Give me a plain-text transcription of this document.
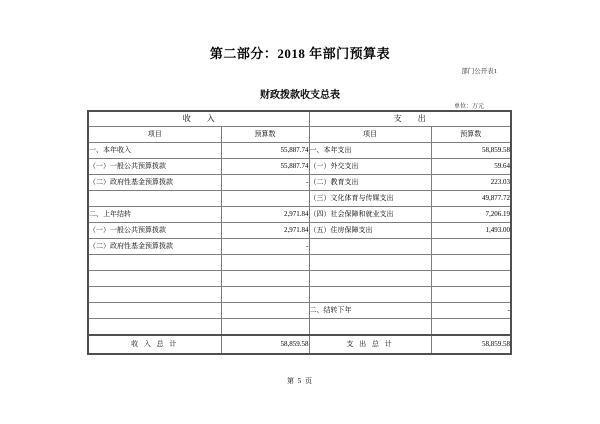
第二部分：2018 年部门预算表
部门公开表1
财政拨款收支总表
单位：万元
收　　入		支　　出	
项目	预算数	项目	预算数
一、本年收入	55,887.74	一、本年支出	58,859.58
（一）一般公共预算拨款	55,887.74	（一）外交支出	59.64
（二）政府性基金预算拨款	-	（二）教育支出	223.03
		（三）文化体育与传媒支出	49,877.72
二、上年结转	2,971.84	（四）社会保障和就业支出	7,206.19
（一）一般公共预算拨款	2,971.84	（五）住房保障支出	1,493.00
（二）政府性基金预算拨款	-		

		二、结转下年	-

收 入 总 计	58,859.58	支 出 总 计	58,859.58
第 5 页
